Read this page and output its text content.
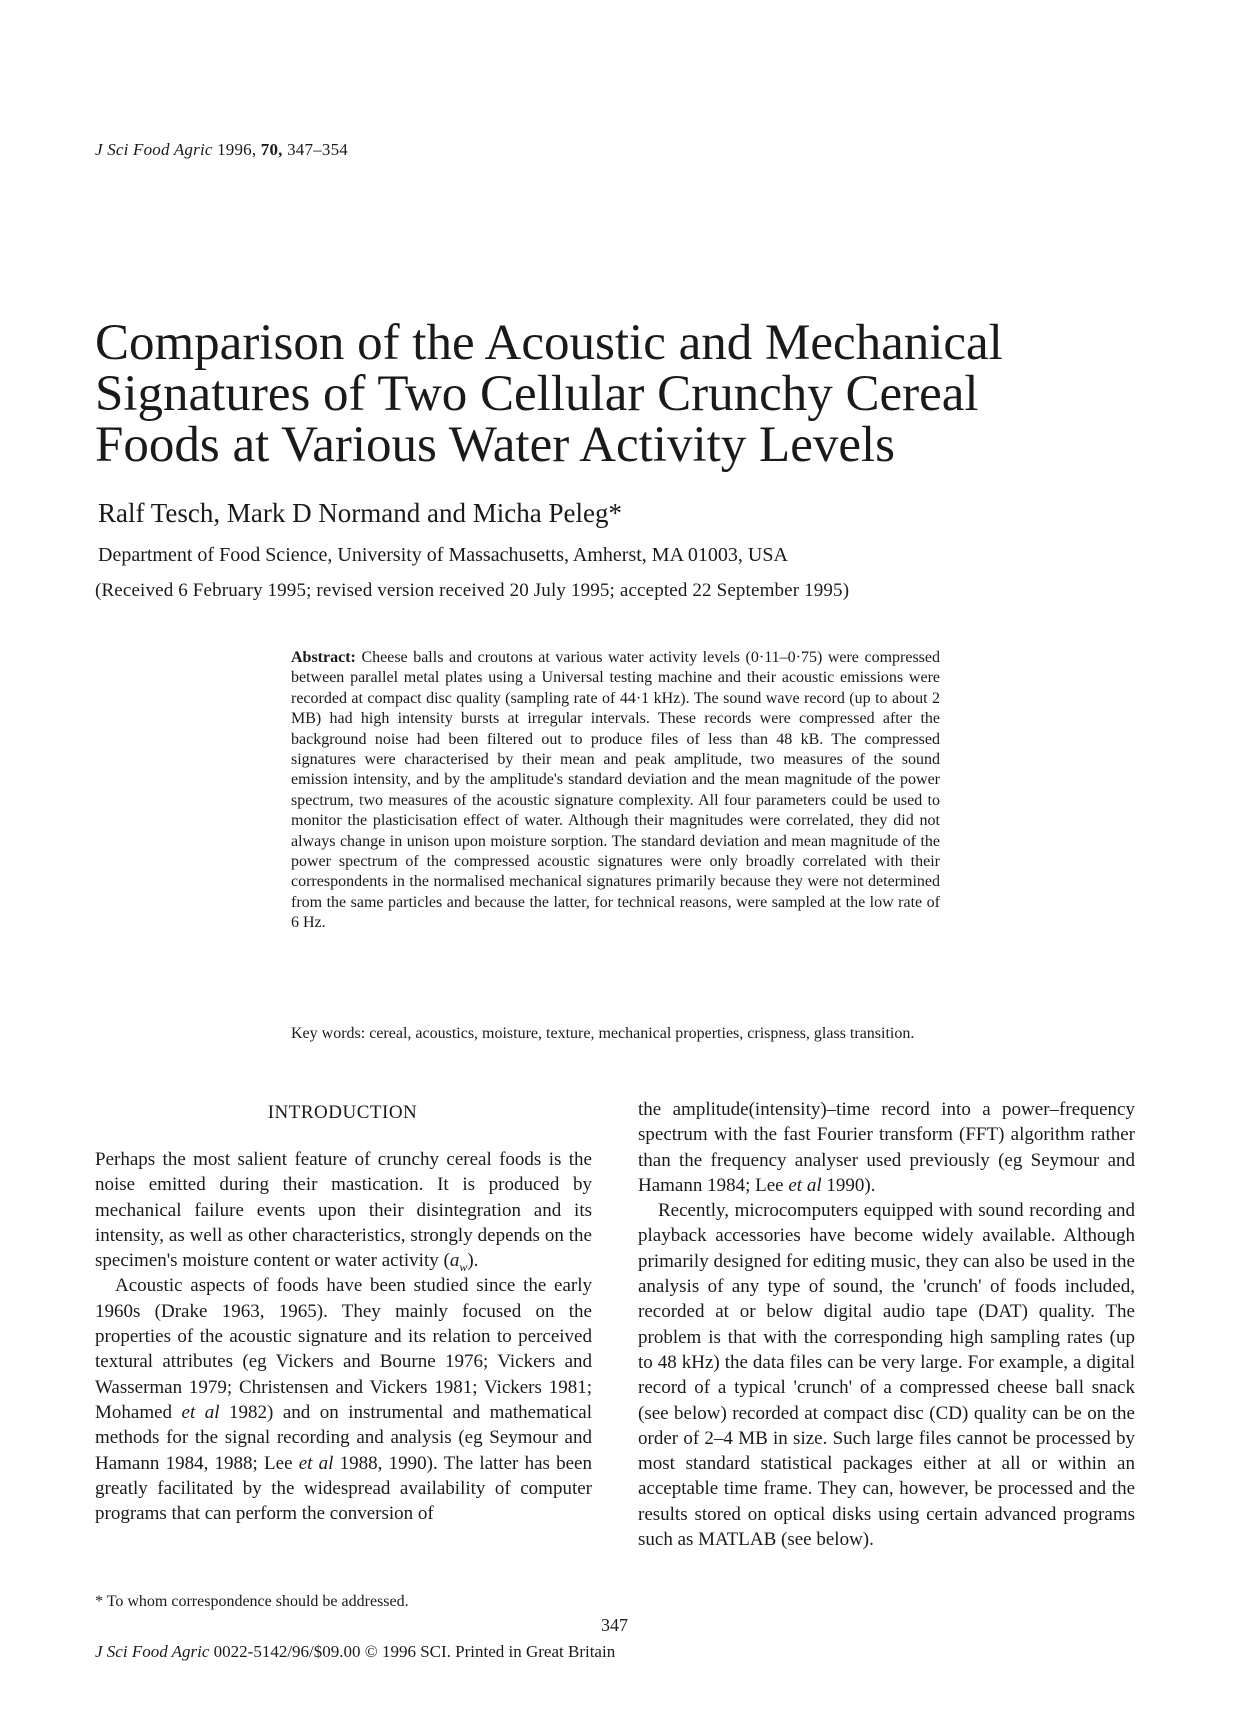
J Sci Food Agric 1996, 70, 347–354
Comparison of the Acoustic and Mechanical
Signatures of Two Cellular Crunchy Cereal
Foods at Various Water Activity Levels
Ralf Tesch, Mark D Normand and Micha Peleg*
Department of Food Science, University of Massachusetts, Amherst, MA 01003, USA
(Received 6 February 1995; revised version received 20 July 1995; accepted 22 September 1995)

Abstract: Cheese balls and croutons at various water activity levels (0·11–0·75) were compressed between parallel metal plates using a Universal testing machine and their acoustic emissions were recorded at compact disc quality (sampling rate of 44·1 kHz). The sound wave record (up to about 2 MB) had high intensity bursts at irregular intervals. These records were compressed after the background noise had been filtered out to produce files of less than 48 kB. The compressed signatures were characterised by their mean and peak amplitude, two measures of the sound emission intensity, and by the amplitude's standard deviation and the mean magnitude of the power spectrum, two measures of the acoustic signature complexity. All four parameters could be used to monitor the plasticisation effect of water. Although their magnitudes were correlated, they did not always change in unison upon moisture sorption. The standard deviation and mean magnitude of the power spectrum of the compressed acoustic signatures were only broadly correlated with their correspondents in the normalised mechanical signatures primarily because they were not determined from the same particles and because the latter, for technical reasons, were sampled at the low rate of 6 Hz.

Key words: cereal, acoustics, moisture, texture, mechanical properties, crispness, glass transition.

INTRODUCTION

Perhaps the most salient feature of crunchy cereal foods is the noise emitted during their mastication. It is produced by mechanical failure events upon their disintegration and its intensity, as well as other characteristics, strongly depends on the specimen's moisture content or water activity $(a_w)$.

Acoustic aspects of foods have been studied since the early 1960s (Drake 1963, 1965). They mainly focused on the properties of the acoustic signature and its relation to perceived textural attributes (eg Vickers and Bourne 1976; Vickers and Wasserman 1979; Christensen and Vickers 1981; Vickers 1981; Mohamed et al 1982) and on instrumental and mathematical methods for the signal recording and analysis (eg Seymour and Hamann 1984, 1988; Lee et al 1988, 1990). The latter has been greatly facilitated by the widespread availability of computer programs that can perform the conversion of

the amplitude(intensity)–time record into a power–frequency spectrum with the fast Fourier transform (FFT) algorithm rather than the frequency analyser used previously (eg Seymour and Hamann 1984; Lee et al 1990).

Recently, microcomputers equipped with sound recording and playback accessories have become widely available. Although primarily designed for editing music, they can also be used in the analysis of any type of sound, the 'crunch' of foods included, recorded at or below digital audio tape (DAT) quality. The problem is that with the corresponding high sampling rates (up to 48 kHz) the data files can be very large. For example, a digital record of a typical 'crunch' of a compressed cheese ball snack (see below) recorded at compact disc (CD) quality can be on the order of 2–4 MB in size. Such large files cannot be processed by most standard statistical packages either at all or within an acceptable time frame. They can, however, be processed and the results stored on optical disks using certain advanced programs such as MATLAB (see below).

* To whom correspondence should be addressed.
347
J Sci Food Agric 0022-5142/96/$09.00 © 1996 SCI. Printed in Great Britain
